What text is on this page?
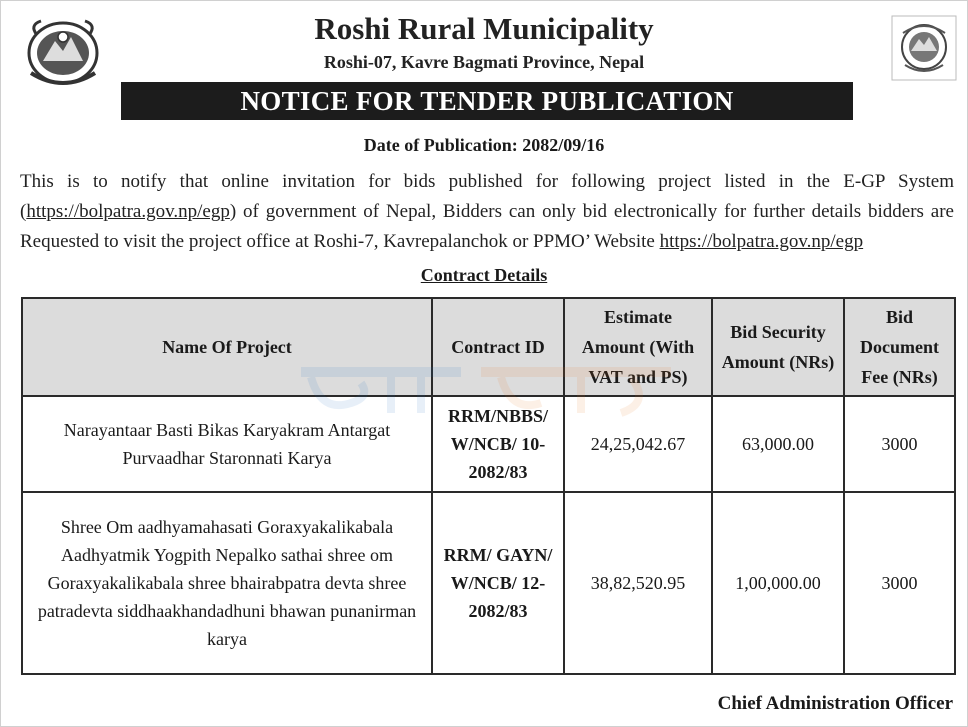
Roshi Rural Municipality
Roshi-07, Kavre Bagmati Province, Nepal
NOTICE FOR TENDER PUBLICATION
Date of Publication: 2082/09/16
This is to notify that online invitation for bids published for following project listed in the E-GP System (https://bolpatra.gov.np/egp) of government of Nepal, Bidders can only bid electronically for further details bidders are Requested to visit the project office at Roshi-7, Kavrepalanchok or PPMO’ Website https://bolpatra.gov.np/egp
Contract Details
Name Of Project	Contract ID	Estimate Amount (With VAT and PS)	Bid Security Amount (NRs)	Bid Document Fee (NRs)
Narayantaar Basti Bikas Karyakram Antargat Purvaadhar Staronnati Karya	RRM/NBBS/ W/NCB/ 10-2082/83	24,25,042.67	63,000.00	3000
Shree Om aadhyamahasati Goraxyakalikabala Aadhyatmik Yogpith Nepalko sathai shree om Goraxyakalikabala shree bhairabpatra devta shree patradevta siddhaakhandadhuni bhawan punanirman karya	RRM/ GAYN/ W/NCB/ 12-2082/83	38,82,520.95	1,00,000.00	3000
Chief Administration Officer
